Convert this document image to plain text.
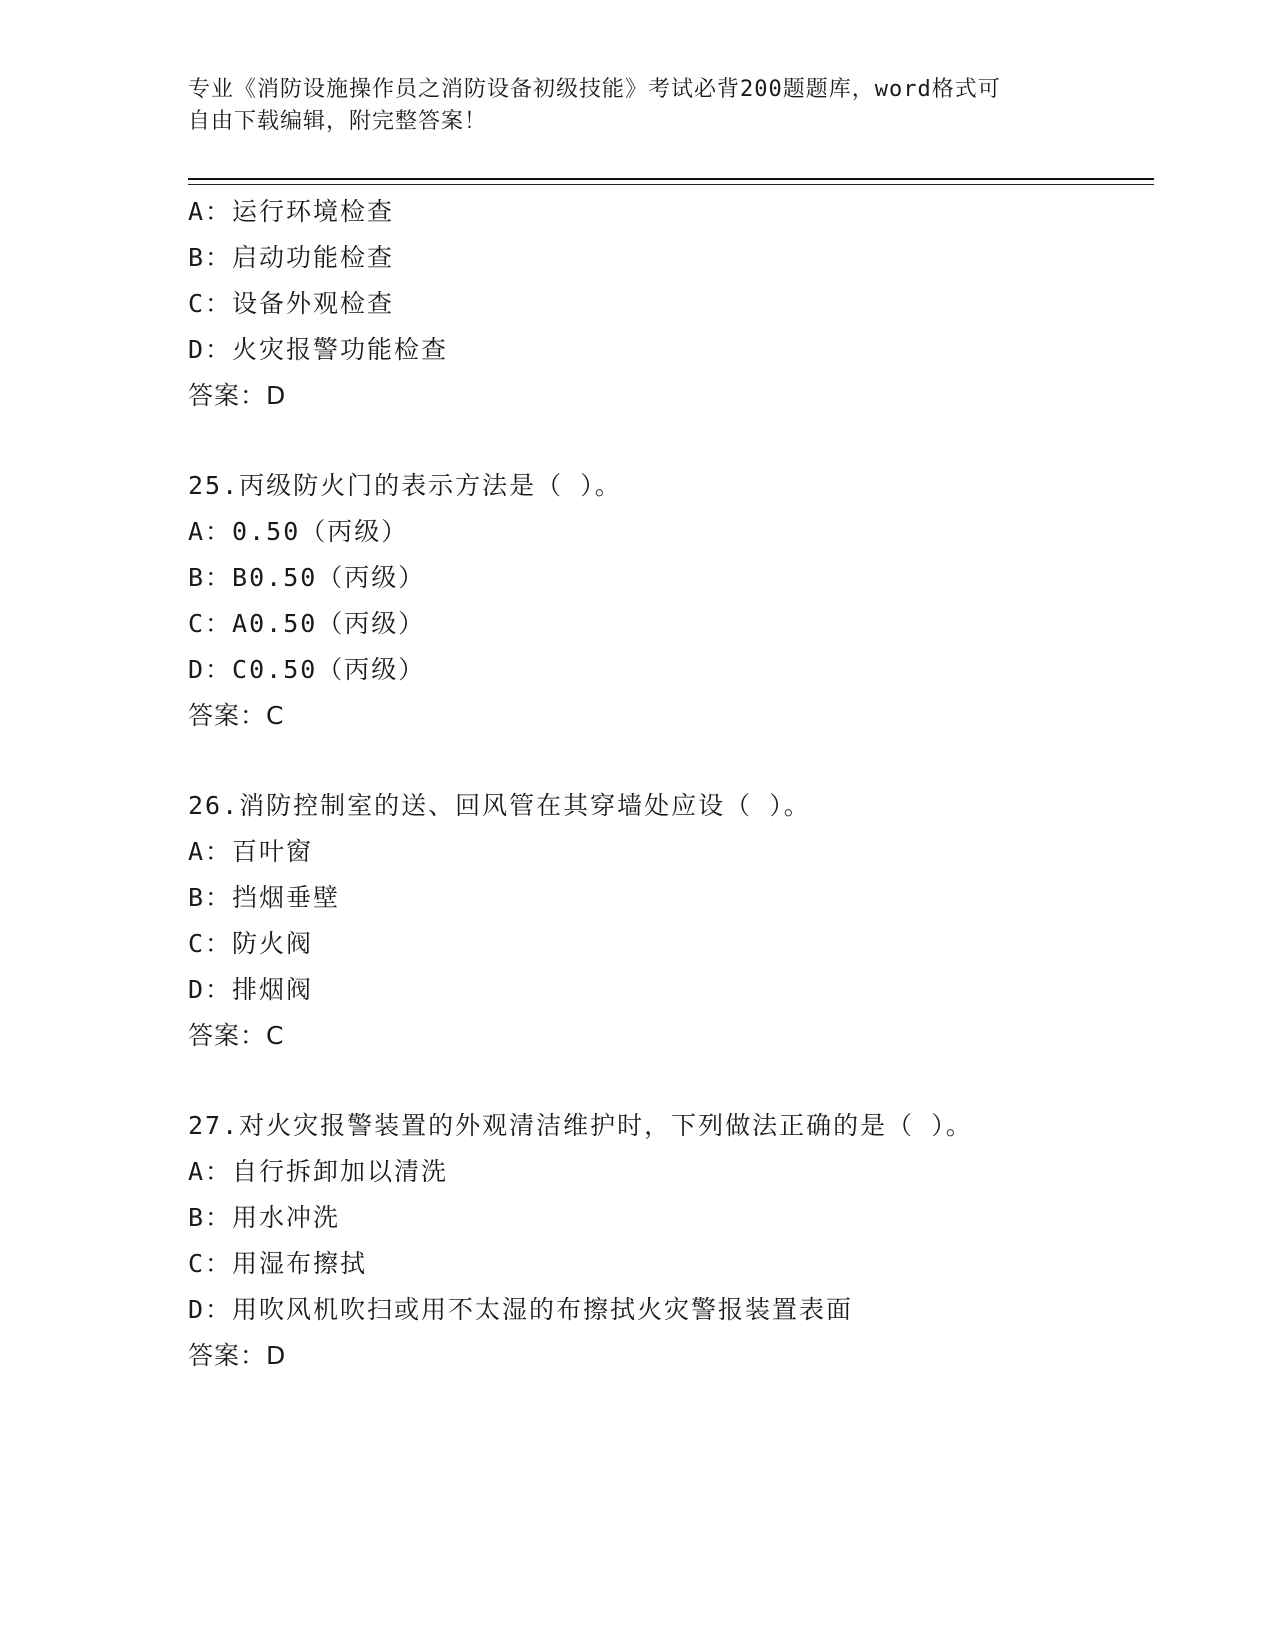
专业《消防设施操作员之消防设备初级技能》考试必背200题题库，word格式可
自由下载编辑，附完整答案！
A：运行环境检查
B：启动功能检查
C：设备外观检查
D：火灾报警功能检查
答案：D
25.丙级防火门的表示方法是（ ）。
A：0.50（丙级）
B：B0.50（丙级）
C：A0.50（丙级）
D：C0.50（丙级）
答案：C
26.消防控制室的送、回风管在其穿墙处应设（ ）。
A：百叶窗
B：挡烟垂壁
C：防火阀
D：排烟阀
答案：C
27.对火灾报警装置的外观清洁维护时，下列做法正确的是（ ）。
A：自行拆卸加以清洗
B：用水冲洗
C：用湿布擦拭
D：用吹风机吹扫或用不太湿的布擦拭火灾警报装置表面
答案：D
